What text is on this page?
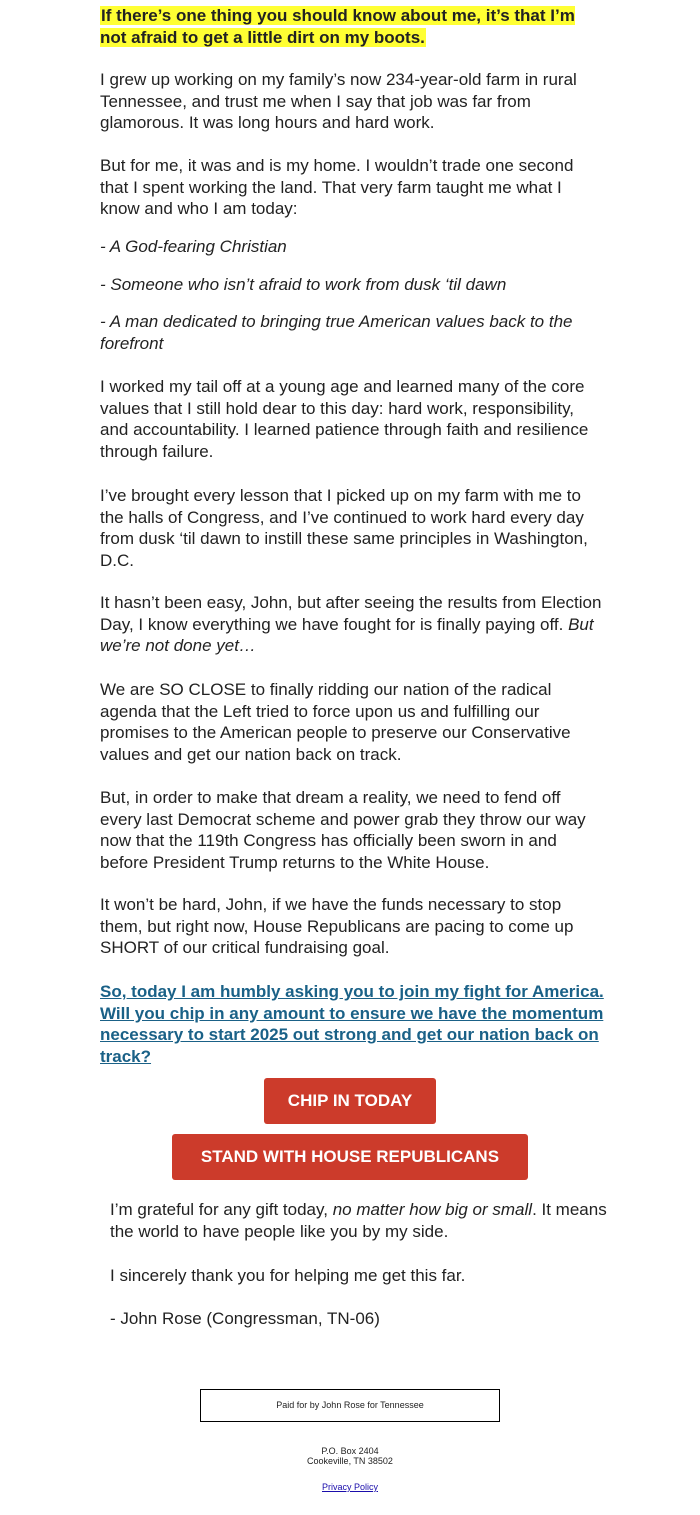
If there’s one thing you should know about me, it’s that I’m not afraid to get a little dirt on my boots.

I grew up working on my family’s now 234-year-old farm in rural Tennessee, and trust me when I say that job was far from glamorous. It was long hours and hard work.

But for me, it was and is my home. I wouldn’t trade one second that I spent working the land. That very farm taught me what I know and who I am today:

- A God-fearing Christian

- Someone who isn’t afraid to work from dusk ‘til dawn

- A man dedicated to bringing true American values back to the forefront

I worked my tail off at a young age and learned many of the core values that I still hold dear to this day: hard work, responsibility, and accountability. I learned patience through faith and resilience through failure.

I’ve brought every lesson that I picked up on my farm with me to the halls of Congress, and I’ve continued to work hard every day from dusk ‘til dawn to instill these same principles in Washington, D.C.

It hasn’t been easy, John, but after seeing the results from Election Day, I know everything we have fought for is finally paying off. But we’re not done yet…

We are SO CLOSE to finally ridding our nation of the radical agenda that the Left tried to force upon us and fulfilling our promises to the American people to preserve our Conservative values and get our nation back on track.

But, in order to make that dream a reality, we need to fend off every last Democrat scheme and power grab they throw our way now that the 119th Congress has officially been sworn in and before President Trump returns to the White House.

It won’t be hard, John, if we have the funds necessary to stop them, but right now, House Republicans are pacing to come up SHORT of our critical fundraising goal.

So, today I am humbly asking you to join my fight for America. Will you chip in any amount to ensure we have the momentum necessary to start 2025 out strong and get our nation back on track?

CHIP IN TODAY
STAND WITH HOUSE REPUBLICANS

I’m grateful for any gift today, no matter how big or small. It means the world to have people like you by my side.

I sincerely thank you for helping me get this far.

- John Rose (Congressman, TN-06)

Paid for by John Rose for Tennessee
P.O. Box 2404
Cookeville, TN 38502
Privacy Policy
